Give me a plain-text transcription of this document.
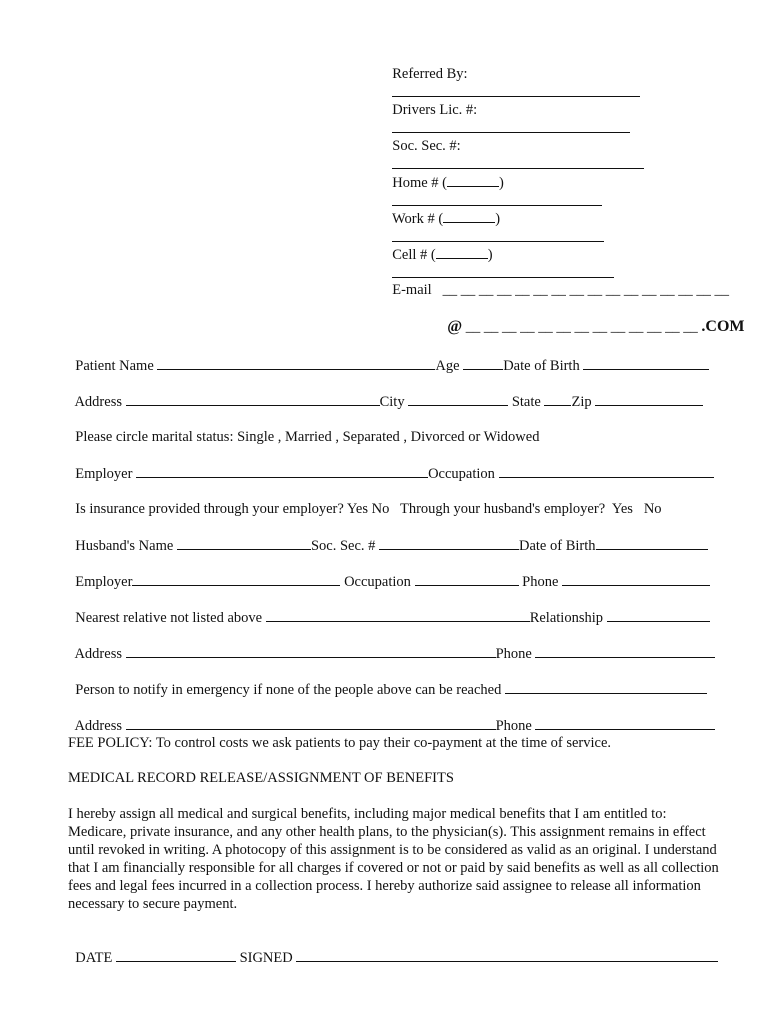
Referred By:

Drivers Lic. #:

Soc. Sec. #:

Home # (	)

Work # (	)

Cell # (	)

E-mail __ __ __ __ __ __ __ __ __ __ __ __ __ __ __ __

@ __ __ __ __ __ __ __ __ __ __ __ __ __ .COM

Patient Name	Age	Date of Birth

Address	City	State Zip

Please circle marital status: Single , Married , Separated , Divorced or Widowed

Employer	Occupation

Is insurance provided through your employer? Yes No   Through your husband's employer?  Yes   No

Husband's Name	Soc. Sec. #	Date of Birth

Employer	Occupation	Phone

Nearest relative not listed above	Relationship

Address	Phone

Person to notify in emergency if none of the people above can be reached

Address	Phone

FEE POLICY: To control costs we ask patients to pay their co-payment at the time of service.
MEDICAL RECORD RELEASE/ASSIGNMENT OF BENEFITS
I hereby assign all medical and surgical benefits, including major medical benefits that I am entitled to: Medicare, private insurance, and any other health plans, to the physician(s). This assignment remains in effect until revoked in writing. A photocopy of this assignment is to be considered as valid as an original. I understand that I am financially responsible for all charges if covered or not or paid by said benefits as well as all collection fees and legal fees incurred in a collection process. I hereby authorize said assignee to release all information necessary to secure payment.

DATE	SIGNED
